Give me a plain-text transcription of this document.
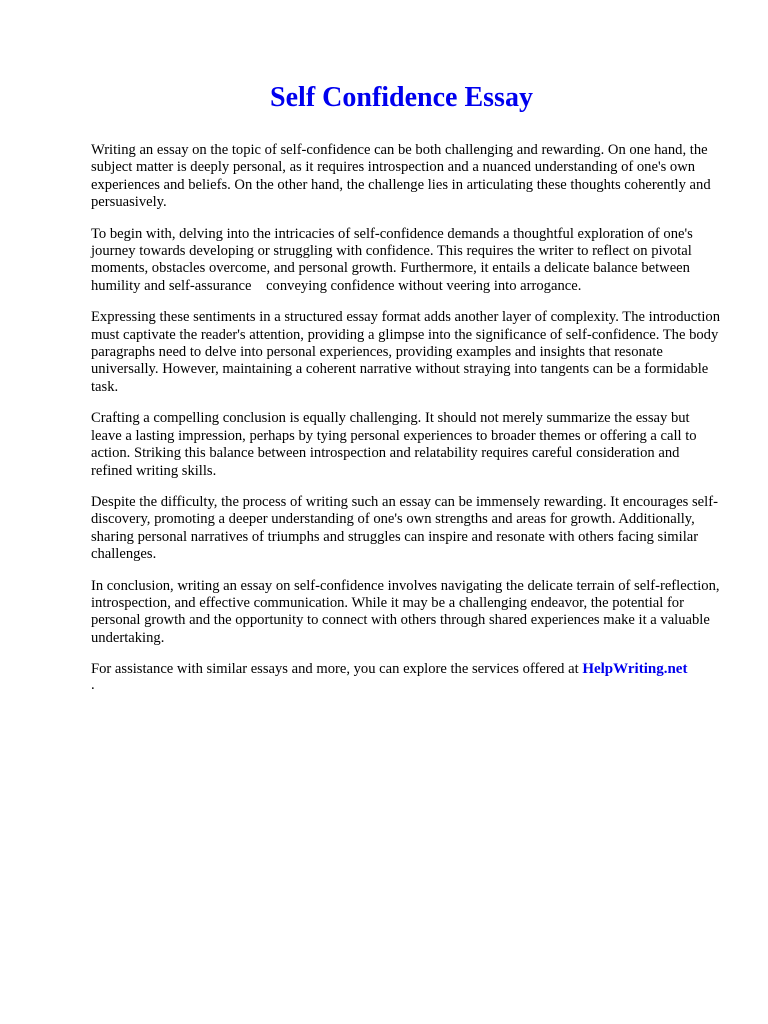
Self Confidence Essay

Writing an essay on the topic of self-confidence can be both challenging and rewarding. On one hand, the subject matter is deeply personal, as it requires introspection and a nuanced understanding of one's own experiences and beliefs. On the other hand, the challenge lies in articulating these thoughts coherently and persuasively.

To begin with, delving into the intricacies of self-confidence demands a thoughtful exploration of one's journey towards developing or struggling with confidence. This requires the writer to reflect on pivotal moments, obstacles overcome, and personal growth. Furthermore, it entails a delicate balance between humility and self-assurance    conveying confidence without veering into arrogance.

Expressing these sentiments in a structured essay format adds another layer of complexity. The introduction must captivate the reader's attention, providing a glimpse into the significance of self-confidence. The body paragraphs need to delve into personal experiences, providing examples and insights that resonate universally. However, maintaining a coherent narrative without straying into tangents can be a formidable task.

Crafting a compelling conclusion is equally challenging. It should not merely summarize the essay but leave a lasting impression, perhaps by tying personal experiences to broader themes or offering a call to action. Striking this balance between introspection and relatability requires careful consideration and refined writing skills.

Despite the difficulty, the process of writing such an essay can be immensely rewarding. It encourages self-discovery, promoting a deeper understanding of one's own strengths and areas for growth. Additionally, sharing personal narratives of triumphs and struggles can inspire and resonate with others facing similar challenges.

In conclusion, writing an essay on self-confidence involves navigating the delicate terrain of self-reflection, introspection, and effective communication. While it may be a challenging endeavor, the potential for personal growth and the opportunity to connect with others through shared experiences make it a valuable undertaking.

For assistance with similar essays and more, you can explore the services offered at HelpWriting.net
.
